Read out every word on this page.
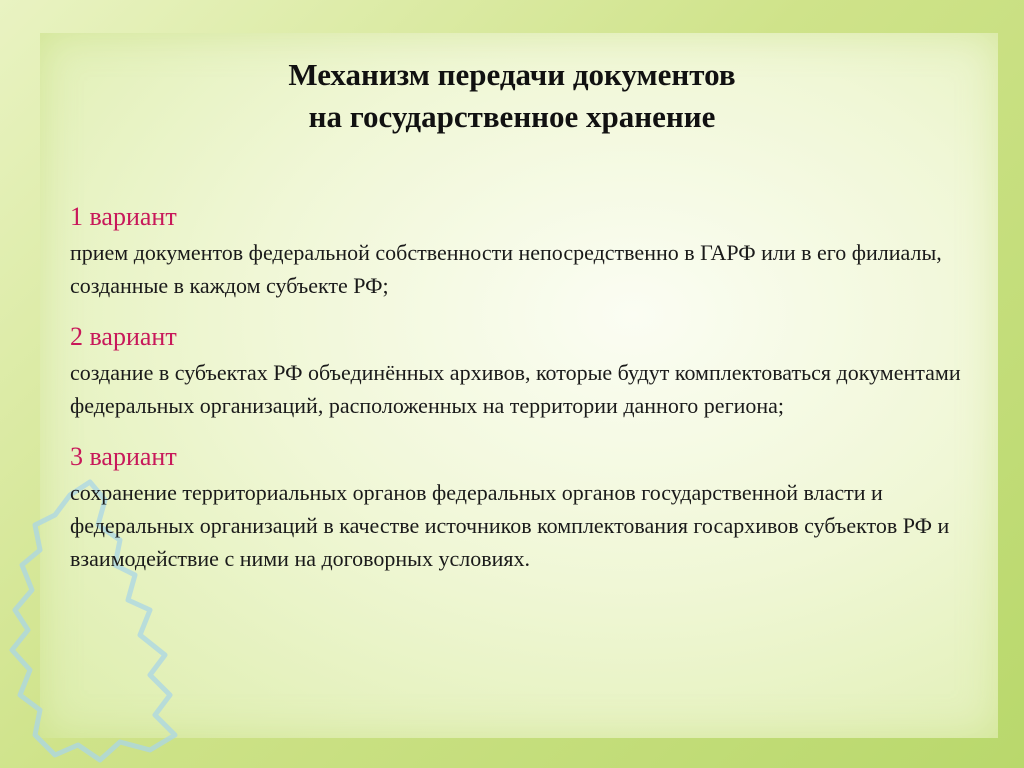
Механизм передачи документов
на государственное хранение
1 вариант
прием документов федеральной собственности непосредственно в ГАРФ или в его филиалы, созданные в каждом субъекте РФ;
2 вариант
создание в субъектах РФ объединённых архивов, которые будут комплектоваться документами федеральных организаций, расположенных на территории данного региона;
3 вариант
сохранение территориальных органов федеральных органов государственной власти и федеральных организаций в качестве источников комплектования госархивов субъектов РФ и взаимодействие с ними на договорных условиях.
